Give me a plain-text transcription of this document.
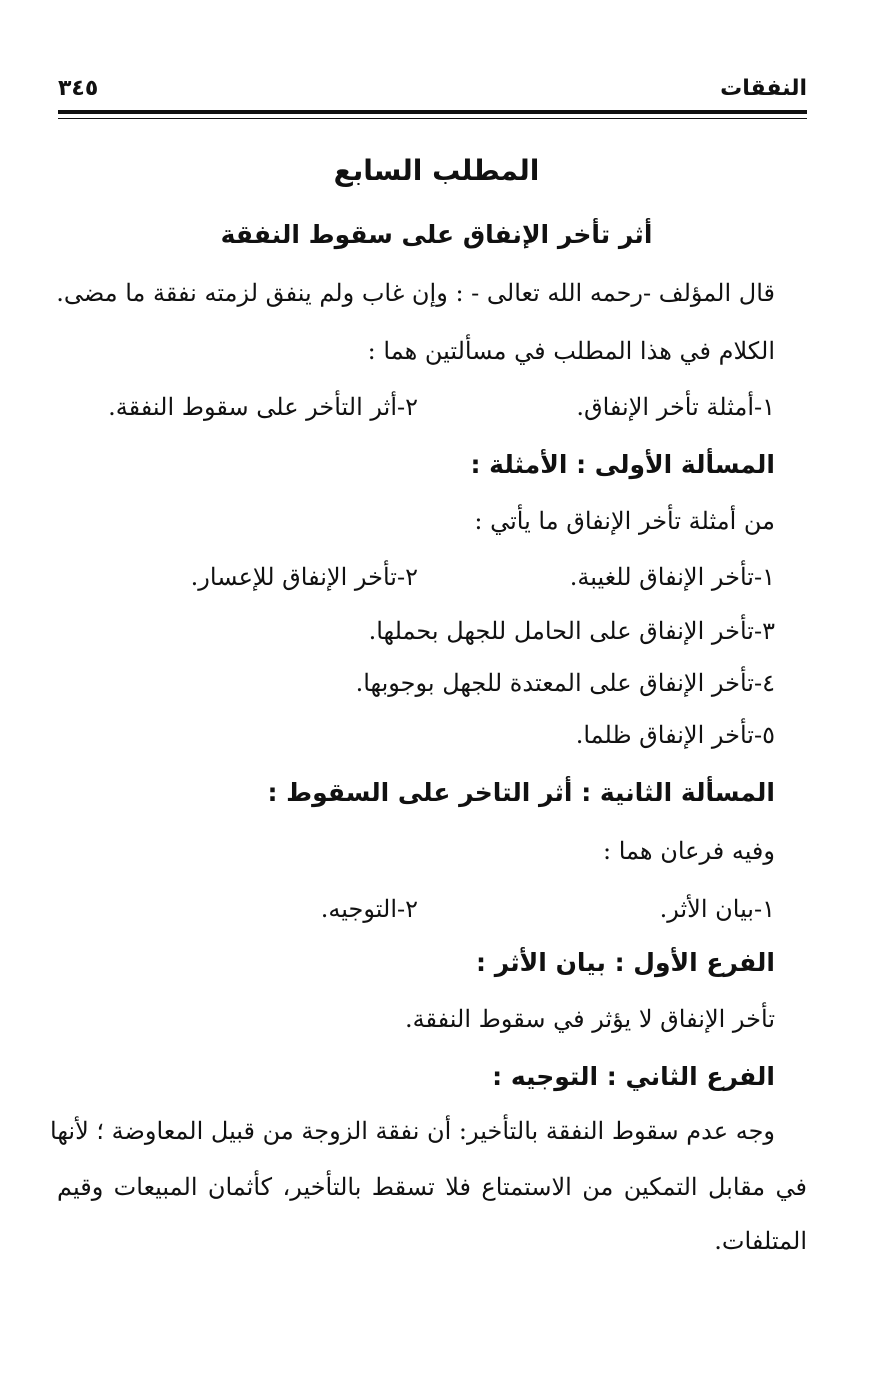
النفقات
٣٤٥
المطلب السابع
أثر تأخر الإنفاق على سقوط النفقة
قال المؤلف -رحمه الله تعالى - : وإن غاب ولم ينفق لزمته نفقة ما مضى.
الكلام في هذا المطلب في مسألتين هما :
١-أمثلة تأخر الإنفاق.
٢-أثر التأخر على سقوط النفقة.
المسألة الأولى : الأمثلة :
من أمثلة تأخر الإنفاق ما يأتي :
١-تأخر الإنفاق للغيبة.
٢-تأخر الإنفاق للإعسار.
٣-تأخر الإنفاق على الحامل للجهل بحملها.
٤-تأخر الإنفاق على المعتدة للجهل بوجوبها.
٥-تأخر الإنفاق ظلما.
المسألة الثانية : أثر التاخر على السقوط :
وفيه فرعان هما :
١-بيان الأثر.
٢-التوجيه.
الفرع الأول : بيان الأثر :
تأخر الإنفاق لا يؤثر في سقوط النفقة.
الفرع الثاني : التوجيه :
وجه عدم سقوط النفقة بالتأخير: أن نفقة الزوجة من قبيل المعاوضة ؛ لأنها
في مقابل التمكين من الاستمتاع فلا تسقط بالتأخير، كأثمان المبيعات وقيم
المتلفات.
